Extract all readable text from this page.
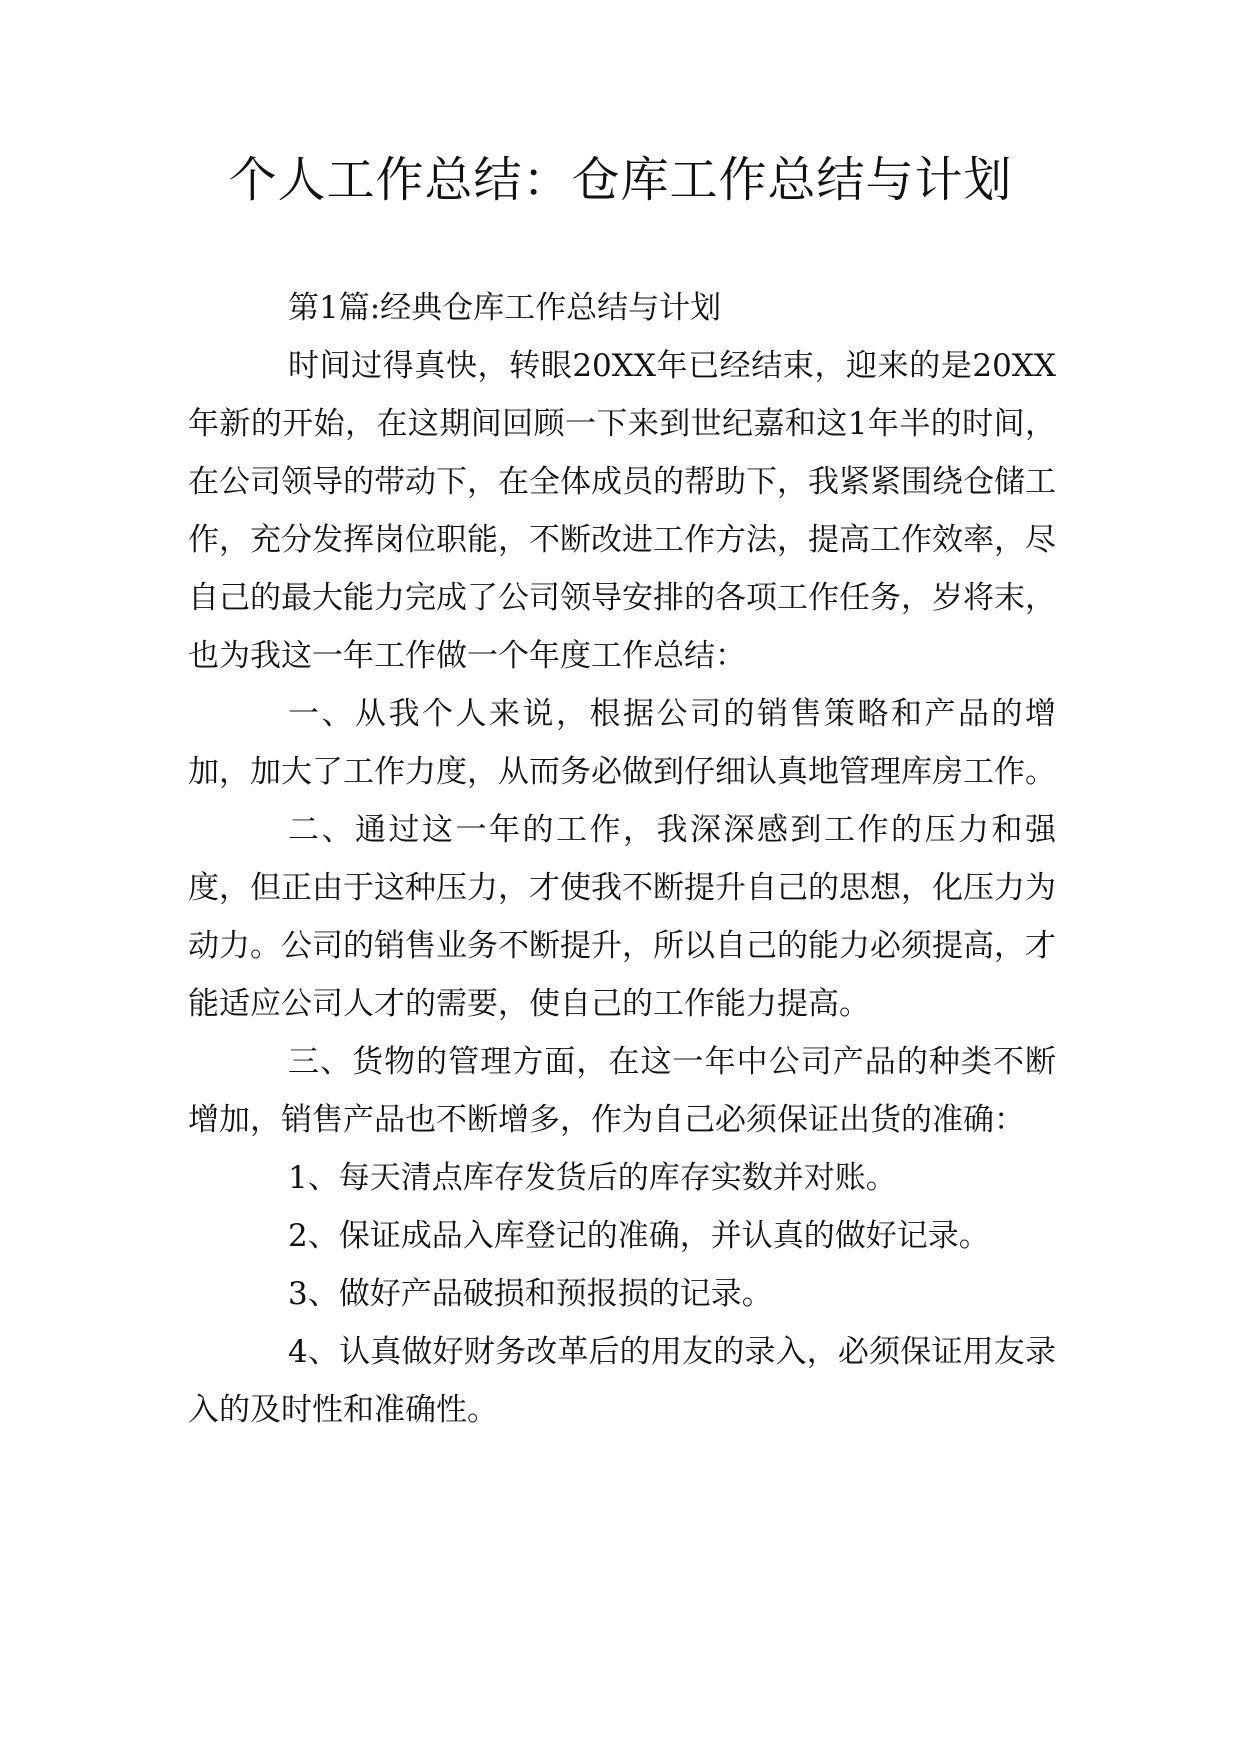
个人工作总结：仓库工作总结与计划

第1篇:经典仓库工作总结与计划

时间过得真快，转眼20XX年已经结束，迎来的是20XX年新的开始，在这期间回顾一下来到世纪嘉和这1年半的时间，在公司领导的带动下，在全体成员的帮助下，我紧紧围绕仓储工作，充分发挥岗位职能，不断改进工作方法，提高工作效率，尽自己的最大能力完成了公司领导安排的各项工作任务，岁将末，也为我这一年工作做一个年度工作总结：

一、从我个人来说，根据公司的销售策略和产品的增加，加大了工作力度，从而务必做到仔细认真地管理库房工作。

二、通过这一年的工作，我深深感到工作的压力和强度，但正由于这种压力，才使我不断提升自己的思想，化压力为动力。公司的销售业务不断提升，所以自己的能力必须提高，才能适应公司人才的需要，使自己的工作能力提高。

三、货物的管理方面，在这一年中公司产品的种类不断增加，销售产品也不断增多，作为自己必须保证出货的准确：

1、每天清点库存发货后的库存实数并对账。

2、保证成品入库登记的准确，并认真的做好记录。

3、做好产品破损和预报损的记录。

4、认真做好财务改革后的用友的录入，必须保证用友录入的及时性和准确性。
